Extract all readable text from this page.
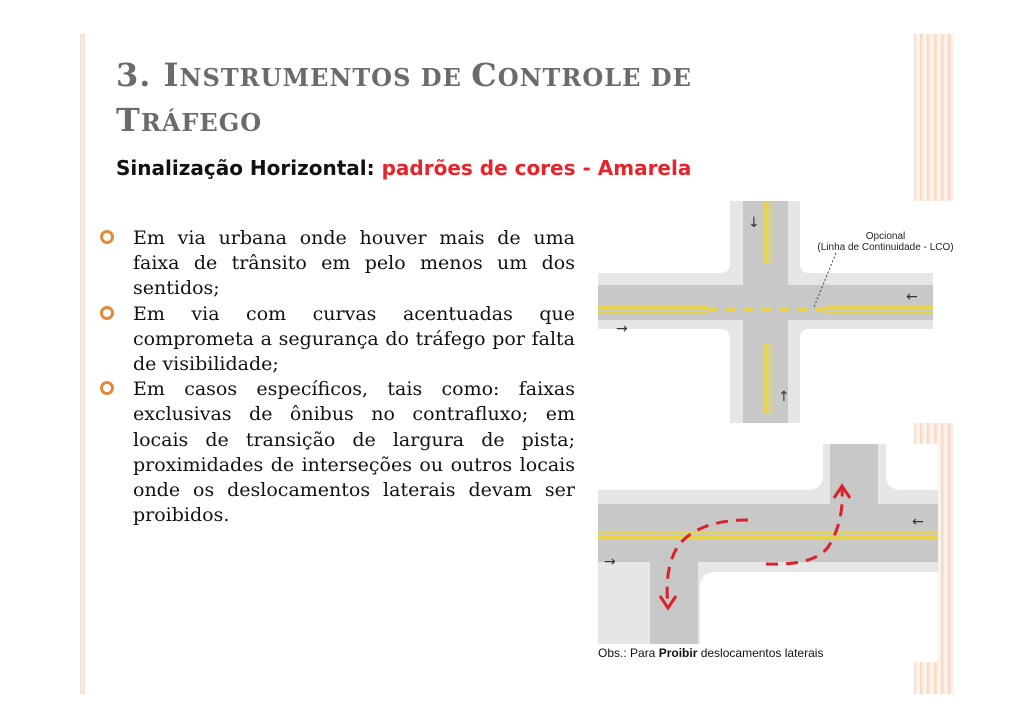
3. INSTRUMENTOS DE CONTROLE DE
TRÁFEGO
Sinalização Horizontal: padrões de cores - Amarela
Em via urbana onde houver mais de uma faixa de trânsito em pelo menos um dos sentidos;
Em via com curvas acentuadas que comprometa a segurança do tráfego por falta de visibilidade;
Em casos específicos, tais como: faixas exclusivas de ônibus no contrafluxo; em locais de transição de largura de pista; proximidades de interseções ou outros locais onde os deslocamentos laterais devam ser proibidos.
↓
←
→
↑
Opcional
(Linha de Continuidade - LCO)
←
→
Obs.: Para Proibir deslocamentos laterais
